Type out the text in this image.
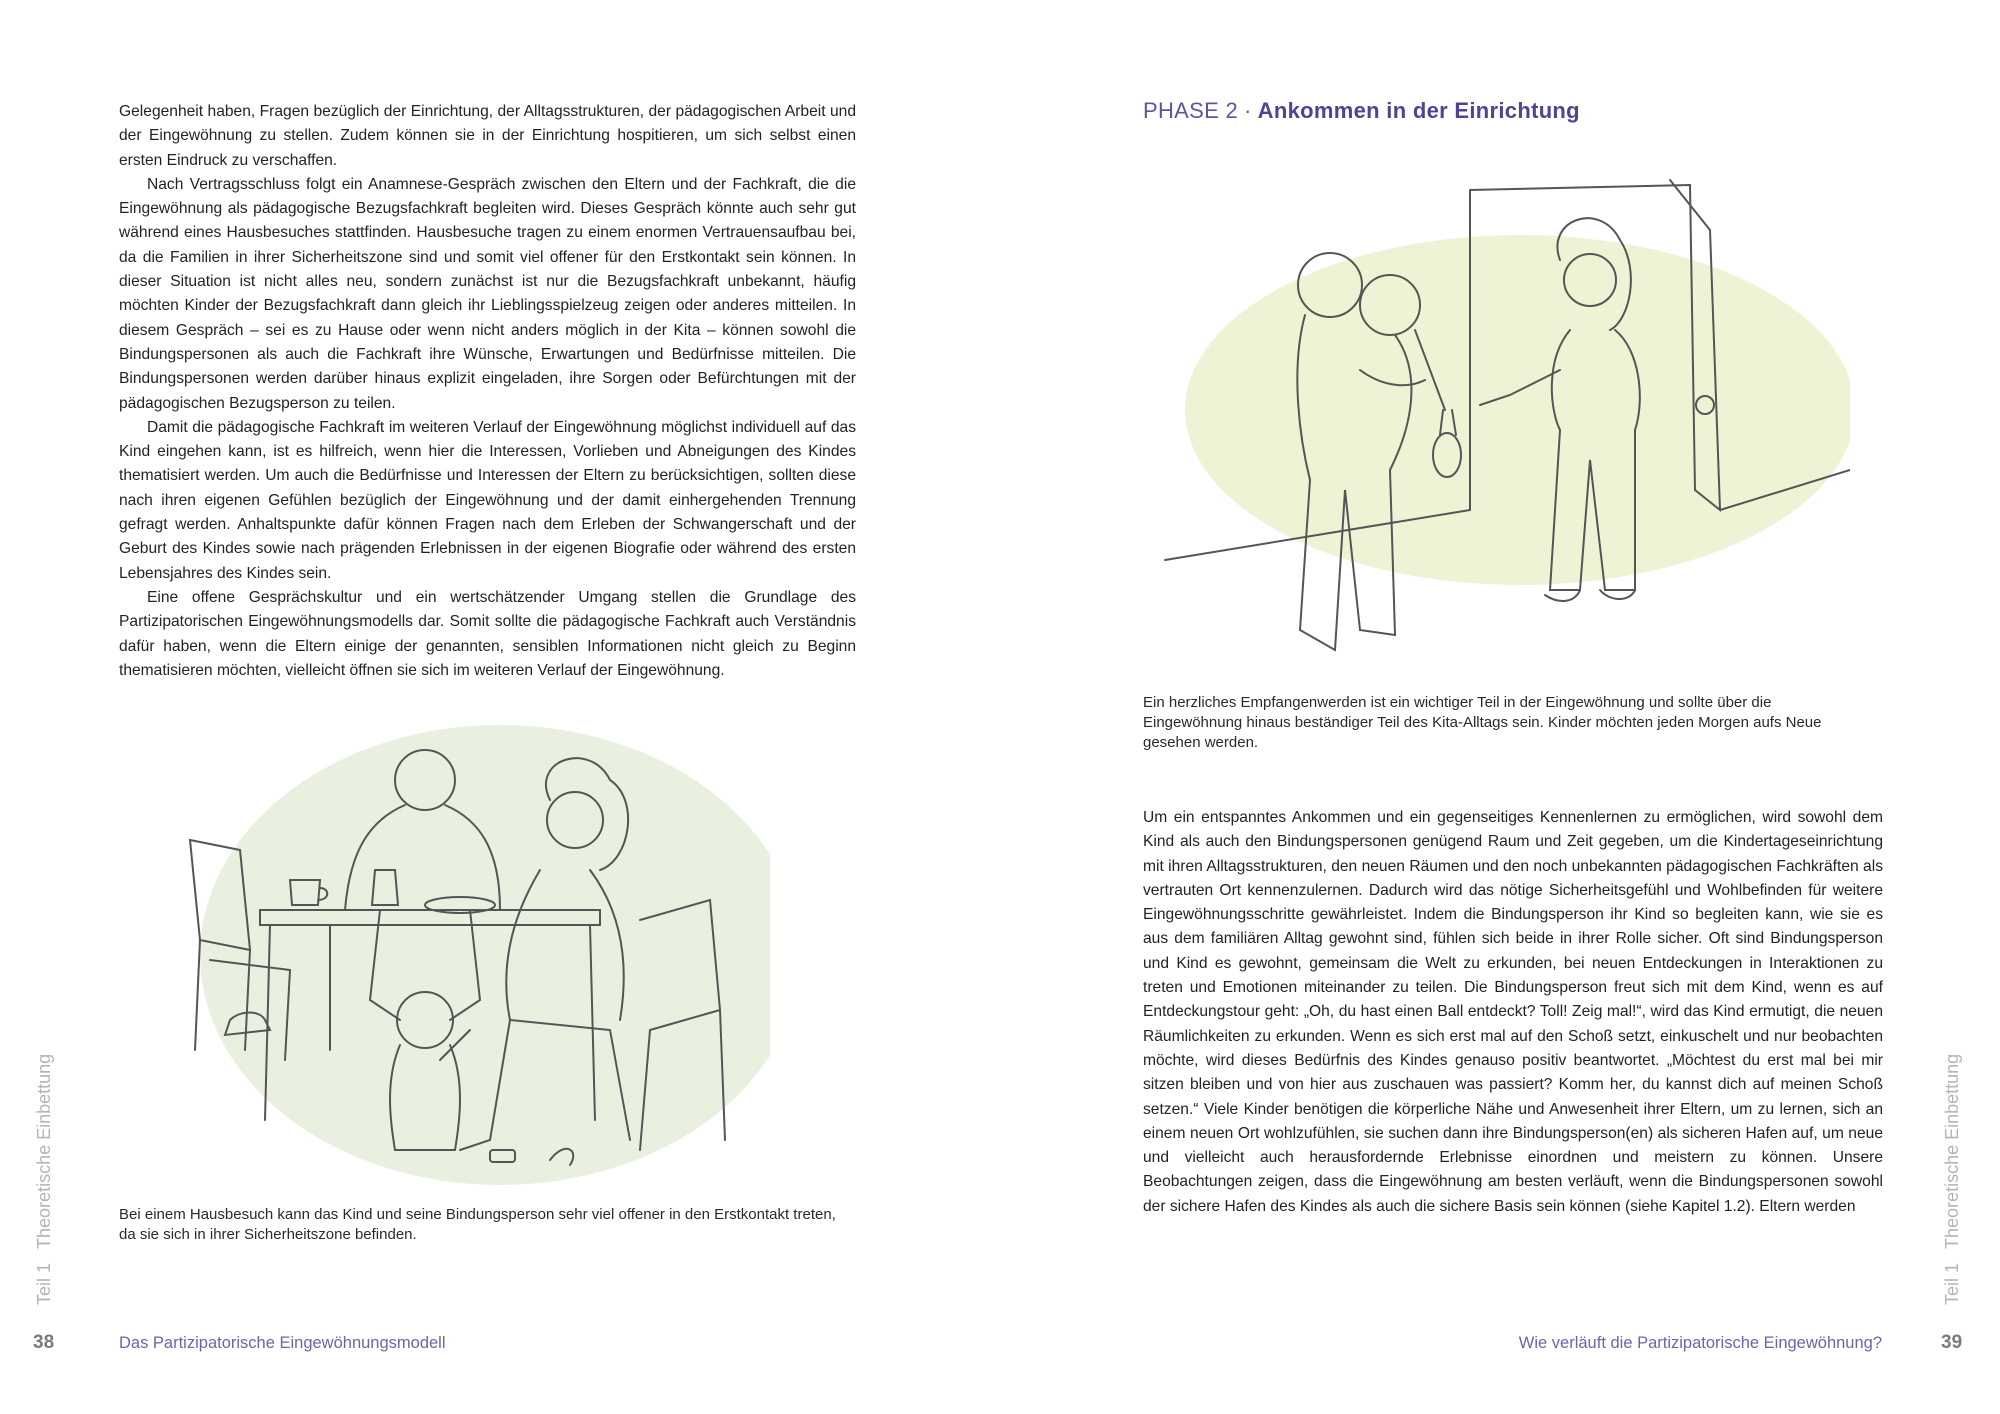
Gelegenheit haben, Fragen bezüglich der Einrichtung, der Alltagsstrukturen, der pädagogischen Arbeit und der Eingewöhnung zu stellen. Zudem können sie in der Einrichtung hospitieren, um sich selbst einen ersten Eindruck zu verschaffen.

Nach Vertragsschluss folgt ein Anamnese-Gespräch zwischen den Eltern und der Fachkraft, die die Eingewöhnung als pädagogische Bezugsfachkraft begleiten wird. Dieses Gespräch könnte auch sehr gut während eines Hausbesuches stattfinden. Hausbesuche tragen zu einem enormen Vertrauensaufbau bei, da die Familien in ihrer Sicherheitszone sind und somit viel offener für den Erstkontakt sein können. In dieser Situation ist nicht alles neu, sondern zunächst ist nur die Bezugsfachkraft unbekannt, häufig möchten Kinder der Bezugsfachkraft dann gleich ihr Lieblingsspielzeug zeigen oder anderes mitteilen. In diesem Gespräch – sei es zu Hause oder wenn nicht anders möglich in der Kita – können sowohl die Bindungspersonen als auch die Fachkraft ihre Wünsche, Erwartungen und Bedürfnisse mitteilen. Die Bindungspersonen werden darüber hinaus explizit eingeladen, ihre Sorgen oder Befürchtungen mit der pädagogischen Bezugsperson zu teilen.

Damit die pädagogische Fachkraft im weiteren Verlauf der Eingewöhnung möglichst individuell auf das Kind eingehen kann, ist es hilfreich, wenn hier die Interessen, Vorlieben und Abneigungen des Kindes thematisiert werden. Um auch die Bedürfnisse und Interessen der Eltern zu berücksichtigen, sollten diese nach ihren eigenen Gefühlen bezüglich der Eingewöhnung und der damit einhergehenden Trennung gefragt werden. Anhaltspunkte dafür können Fragen nach dem Erleben der Schwangerschaft und der Geburt des Kindes sowie nach prägenden Erlebnissen in der eigenen Biografie oder während des ersten Lebensjahres des Kindes sein.

Eine offene Gesprächskultur und ein wertschätzender Umgang stellen die Grundlage des Partizipatorischen Eingewöhnungsmodells dar. Somit sollte die pädagogische Fachkraft auch Verständnis dafür haben, wenn die Eltern einige der genannten, sensiblen Informationen nicht gleich zu Beginn thematisieren möchten, vielleicht öffnen sie sich im weiteren Verlauf der Eingewöhnung.

Bei einem Hausbesuch kann das Kind und seine Bindungsperson sehr viel offener in den Erstkontakt treten, da sie sich in ihrer Sicherheitszone befinden.
Teil 1Theoretische Einbettung
38	Das Partizipatorische Eingewöhnungsmodell
PHASE 2 · Ankommen in der Einrichtung
Ein herzliches Empfangenwerden ist ein wichtiger Teil in der Eingewöhnung und sollte über die Eingewöhnung hinaus beständiger Teil des Kita-Alltags sein. Kinder möchten jeden Morgen aufs Neue gesehen werden.

Um ein entspanntes Ankommen und ein gegenseitiges Kennenlernen zu ermöglichen, wird sowohl dem Kind als auch den Bindungspersonen genügend Raum und Zeit gegeben, um die Kindertageseinrichtung mit ihren Alltagsstrukturen, den neuen Räumen und den noch unbekannten pädagogischen Fachkräften als vertrauten Ort kennenzulernen. Dadurch wird das nötige Sicherheitsgefühl und Wohlbefinden für weitere Eingewöhnungsschritte gewährleistet. Indem die Bindungsperson ihr Kind so begleiten kann, wie sie es aus dem familiären Alltag gewohnt sind, fühlen sich beide in ihrer Rolle sicher. Oft sind Bindungsperson und Kind es gewohnt, gemeinsam die Welt zu erkunden, bei neuen Entdeckungen in Interaktionen zu treten und Emotionen miteinander zu teilen. Die Bindungsperson freut sich mit dem Kind, wenn es auf Entdeckungstour geht: „Oh, du hast einen Ball entdeckt? Toll! Zeig mal!“, wird das Kind ermutigt, die neuen Räumlichkeiten zu erkunden. Wenn es sich erst mal auf den Schoß setzt, einkuschelt und nur beobachten möchte, wird dieses Bedürfnis des Kindes genauso positiv beantwortet. „Möchtest du erst mal bei mir sitzen bleiben und von hier aus zuschauen was passiert? Komm her, du kannst dich auf meinen Schoß setzen.“ Viele Kinder benötigen die körperliche Nähe und Anwesenheit ihrer Eltern, um zu lernen, sich an einem neuen Ort wohlzufühlen, sie suchen dann ihre Bindungsperson(en) als sicheren Hafen auf, um neue und vielleicht auch herausfordernde Erlebnisse einordnen und meistern zu können. Unsere Beobachtungen zeigen, dass die Eingewöhnung am besten verläuft, wenn die Bindungspersonen sowohl der sichere Hafen des Kindes als auch die sichere Basis sein können (siehe Kapitel 1.2). Eltern werden

Teil 1Theoretische Einbettung
Wie verläuft die Partizipatorische Eingewöhnung?	39
